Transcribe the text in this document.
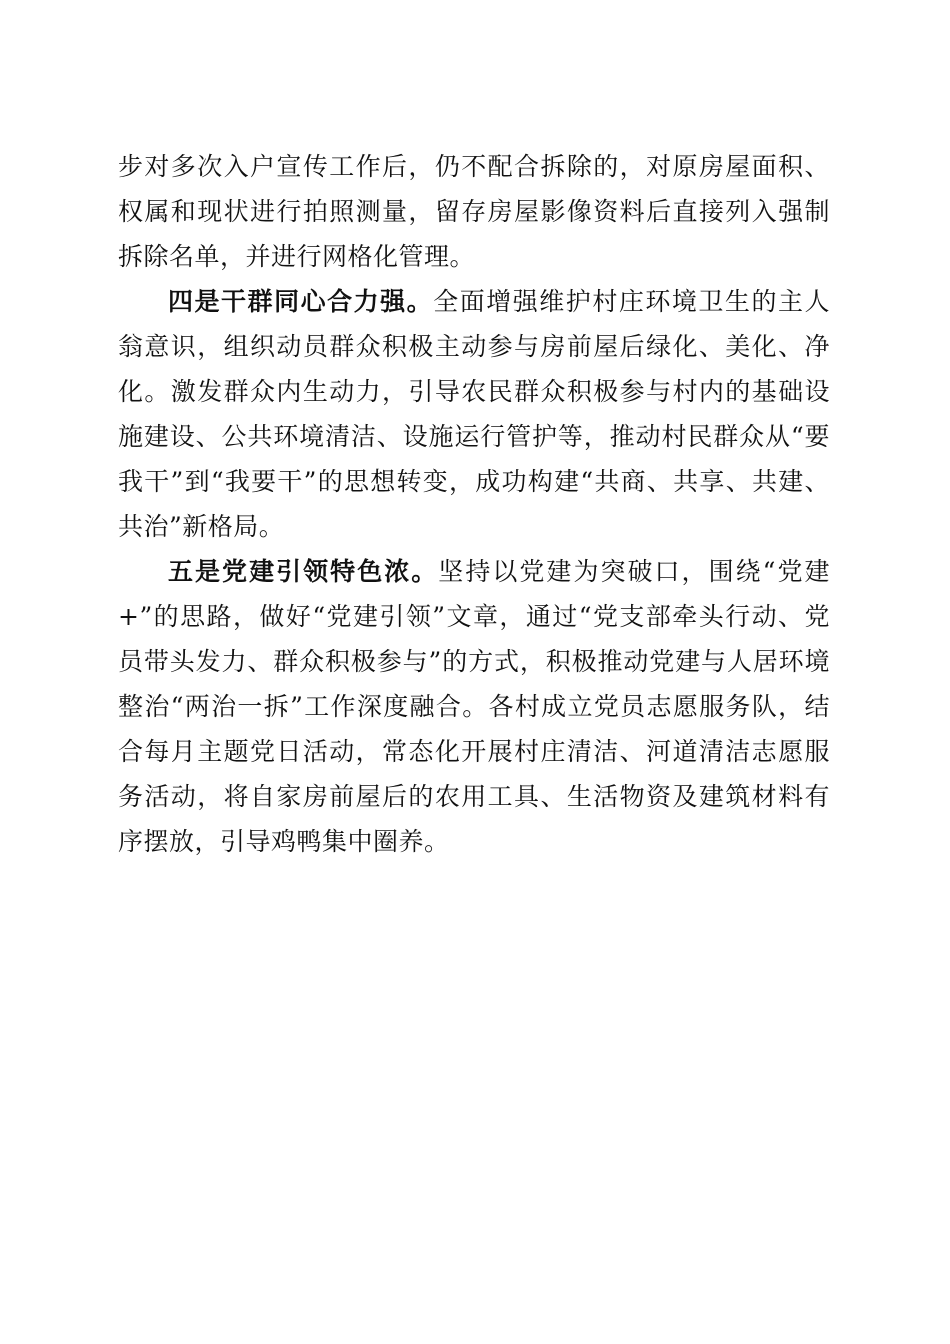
步对多次入户宣传工作后，仍不配合拆除的，对原房屋面积、权属和现状进行拍照测量，留存房屋影像资料后直接列入强制拆除名单，并进行网格化管理。

四是干群同心合力强。全面增强维护村庄环境卫生的主人翁意识，组织动员群众积极主动参与房前屋后绿化、美化、净化。激发群众内生动力，引导农民群众积极参与村内的基础设施建设、公共环境清洁、设施运行管护等，推动村民群众从“要我干”到“我要干”的思想转变，成功构建“共商、共享、共建、共治”新格局。

五是党建引领特色浓。坚持以党建为突破口，围绕“党建+”的思路，做好“党建引领”文章，通过“党支部牵头行动、党员带头发力、群众积极参与”的方式，积极推动党建与人居环境整治“两治一拆”工作深度融合。各村成立党员志愿服务队，结合每月主题党日活动，常态化开展村庄清洁、河道清洁志愿服务活动，将自家房前屋后的农用工具、生活物资及建筑材料有序摆放，引导鸡鸭集中圈养。
